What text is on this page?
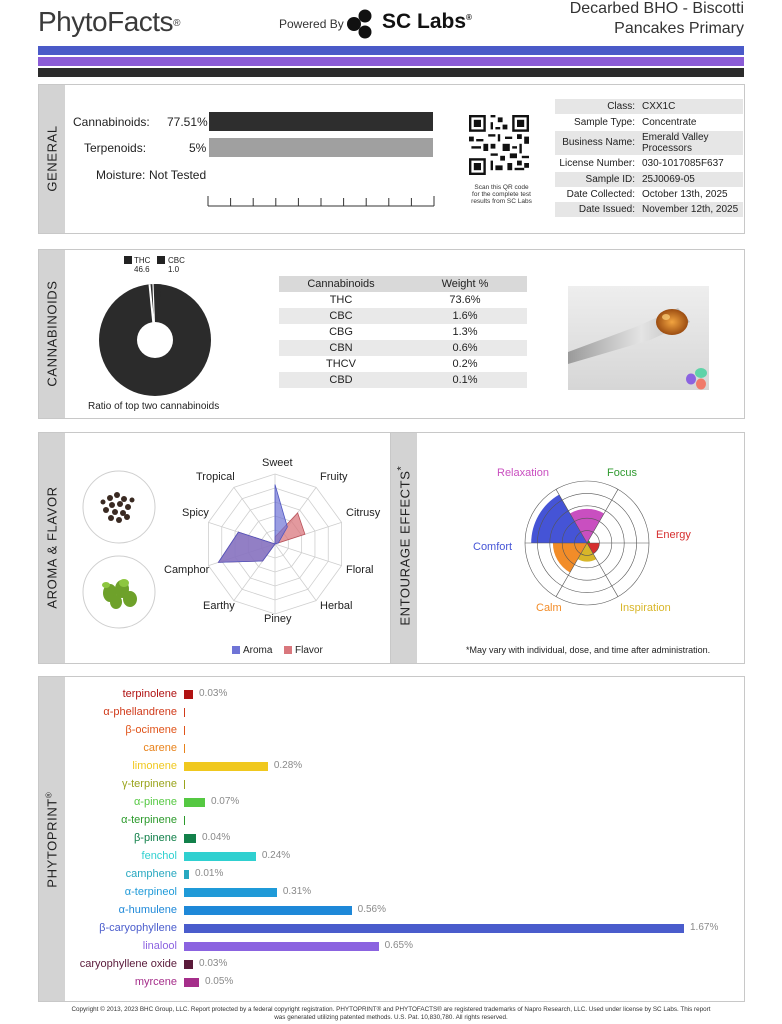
PhytoFacts®	Powered By SC Labs®
Decarbed BHO - Biscotti
Pancakes Primary
GENERAL
Cannabinoids: 77.51%
Terpenoids:	5%
Moisture: Not Tested
Scan this QR code
for the complete test
results from SC Labs
Class: CXX1C
Sample Type: Concentrate
Business Name: Emerald Valley
Processors
License Number: 030-1017085F637
Sample ID: 25J0069-05
Date Collected: October 13th, 2025
Date Issued: November 12th, 2025
CANNABINOIDS
THC
46.6
CBC
1.0
Ratio of top two cannabinoids
Cannabinoids	Weight %
THC	73.6%
CBC	1.6%
CBG	1.3%
CBN	0.6%
THCV	0.2%
CBD	0.1%
AROMA & FLAVOR
Sweet
Fruity
Citrusy
Floral
Herbal
Piney
Earthy
Camphor
Spicy
Tropical
Aroma Flavor
ENTOURAGE EFFECTS*	Relaxation	Focus
Energy
Inspiration
Calm
Comfort
*May vary with individual, dose, and time after administration.
PHYTOPRINT®
terpinolene 0.03%
α-phellandrene
β-ocimene
carene
limonene	0.28%
γ-terpinene
α-pinene	0.07%
α-terpinene
β-pinene 0.04%
fenchol	0.24%
camphene 0.01%
α-terpineol	0.31%
α-humulene	0.56%
β-caryophyllene	1.67%
linalool	0.65%
caryophyllene oxide 0.03%
myrcene	0.05%
Copyright © 2013, 2023 BHC Group, LLC. Report protected by a federal copyright registration. PHYTOPRINT® and PHYTOFACTS® are registered trademarks of Napro Research, LLC. Used under license by SC Labs. This report
was generated utilizing patented methods. U.S. Pat. 10,830,780. All rights reserved.
